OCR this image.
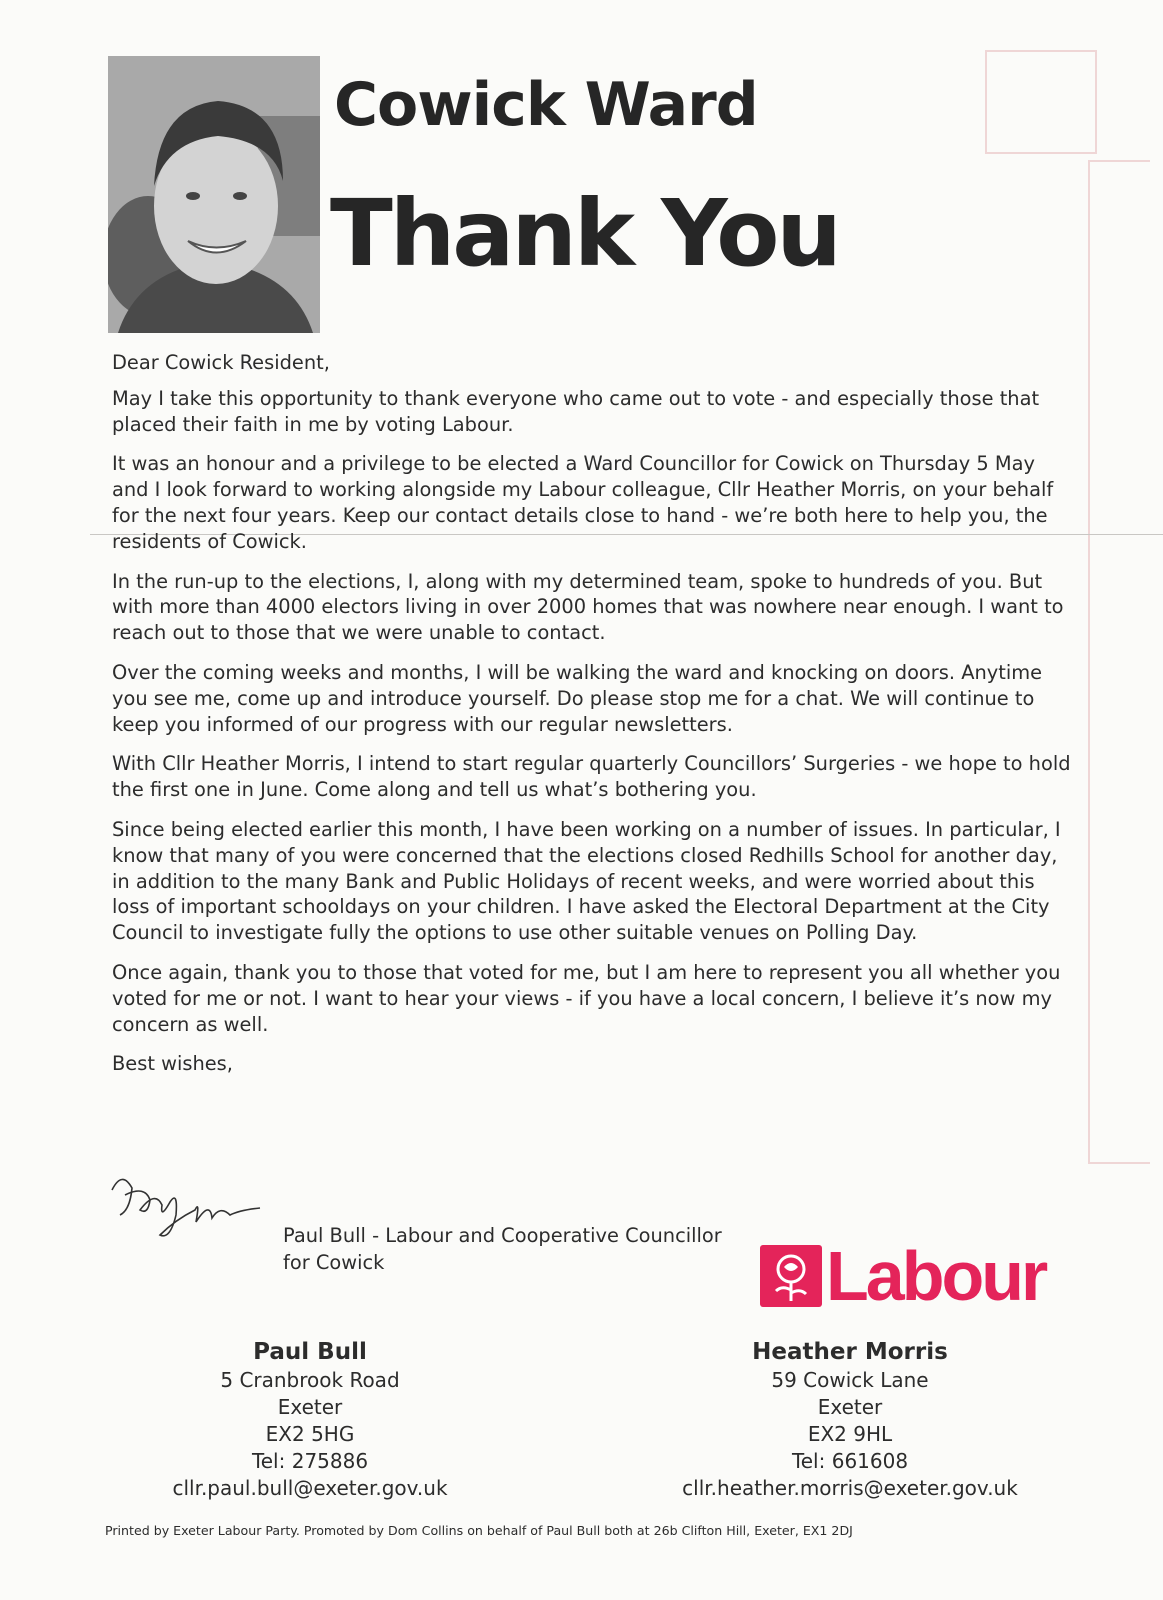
Cowick Ward
Thank You

Dear Cowick Resident,

May I take this opportunity to thank everyone who came out to vote - and especially those that placed their faith in me by voting Labour.

It was an honour and a privilege to be elected a Ward Councillor for Cowick on Thursday 5 May and I look forward to working alongside my Labour colleague, Cllr Heather Morris, on your behalf for the next four years. Keep our contact details close to hand - we’re both here to help you, the residents of Cowick.

In the run-up to the elections, I, along with my determined team, spoke to hundreds of you. But with more than 4000 electors living in over 2000 homes that was nowhere near enough. I want to reach out to those that we were unable to contact.

Over the coming weeks and months, I will be walking the ward and knocking on doors. Anytime you see me, come up and introduce yourself. Do please stop me for a chat. We will continue to keep you informed of our progress with our regular newsletters.

With Cllr Heather Morris, I intend to start regular quarterly Councillors’ Surgeries - we hope to hold the first one in June. Come along and tell us what’s bothering you.

Since being elected earlier this month, I have been working on a number of issues. In particular, I know that many of you were concerned that the elections closed Redhills School for another day, in addition to the many Bank and Public Holidays of recent weeks, and were worried about this loss of important schooldays on your children. I have asked the Electoral Department at the City Council to investigate fully the options to use other suitable venues on Polling Day.

Once again, thank you to those that voted for me, but I am here to represent you all whether you voted for me or not. I want to hear your views - if you have a local concern, I believe it’s now my concern as well.

Best wishes,

Paul Bull - Labour and Cooperative Councillor
for Cowick	Labour
Paul Bull
5 Cranbrook Road
Exeter
EX2 5HG
Tel: 275886
cllr.paul.bull@exeter.gov.uk
Heather Morris
59 Cowick Lane
Exeter
EX2 9HL
Tel: 661608
cllr.heather.morris@exeter.gov.uk
Printed by Exeter Labour Party. Promoted by Dom Collins on behalf of Paul Bull both at 26b Clifton Hill, Exeter, EX1 2DJ
